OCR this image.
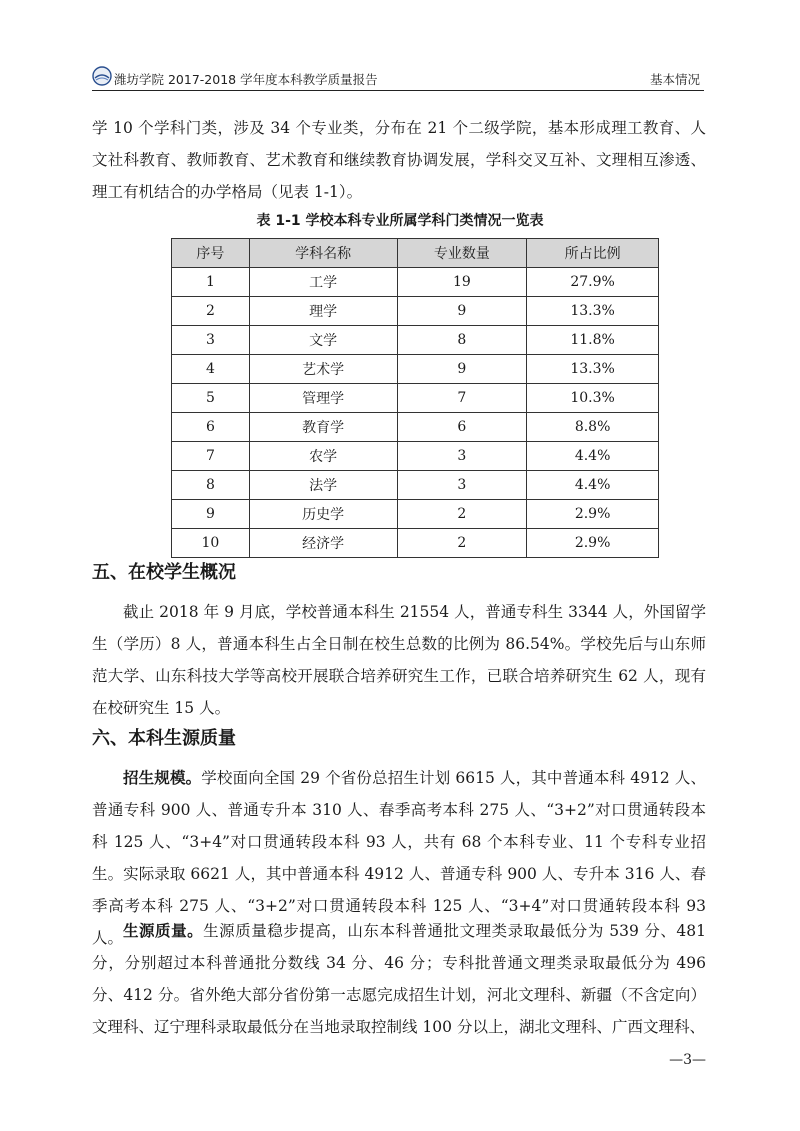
潍坊学院 2017-2018 学年度本科教学质量报告	基本情况

学 10 个学科门类，涉及 34 个专业类，分布在 21 个二级学院，基本形成理工教育、人文社科教育、教师教育、艺术教育和继续教育协调发展，学科交叉互补、文理相互渗透、理工有机结合的办学格局（见表 1-1）。

表 1-1 学校本科专业所属学科门类情况一览表
序号	学科名称	专业数量	所占比例
1	工学	19	27.9%
2	理学	9	13.3%
3	文学	8	11.8%
4	艺术学	9	13.3%
5	管理学	7	10.3%
6	教育学	6	8.8%
7	农学	3	4.4%
8	法学	3	4.4%
9	历史学	2	2.9%
10	经济学	2	2.9%
五、在校学生概况

截止 2018 年 9 月底，学校普通本科生 21554 人，普通专科生 3344 人，外国留学生（学历）8 人，普通本科生占全日制在校生总数的比例为 86.54%。学校先后与山东师范大学、山东科技大学等高校开展联合培养研究生工作，已联合培养研究生 62 人，现有在校研究生 15 人。

六、本科生源质量

招生规模。学校面向全国 29 个省份总招生计划 6615 人，其中普通本科 4912 人、普通专科 900 人、普通专升本 310 人、春季高考本科 275 人、“3+2”对口贯通转段本科 125 人、“3+4”对口贯通转段本科 93 人，共有 68 个本科专业、11 个专科专业招生。实际录取 6621 人，其中普通本科 4912 人、普通专科 900 人、专升本 316 人、春季高考本科 275 人、“3+2”对口贯通转段本科 125 人、“3+4”对口贯通转段本科 93 人。 生源质量。生源质量稳步提高，山东本科普通批文理类录取最低分为 539 分、481 分，分别超过本科普通批分数线 34 分、46 分；专科批普通文理类录取最低分为 496 分、412 分。省外绝大部分省份第一志愿完成招生计划，河北文理科、新疆（不含定向）文理科、辽宁理科录取最低分在当地录取控制线 100 分以上，湖北文理科、广西文理科、

—3—
